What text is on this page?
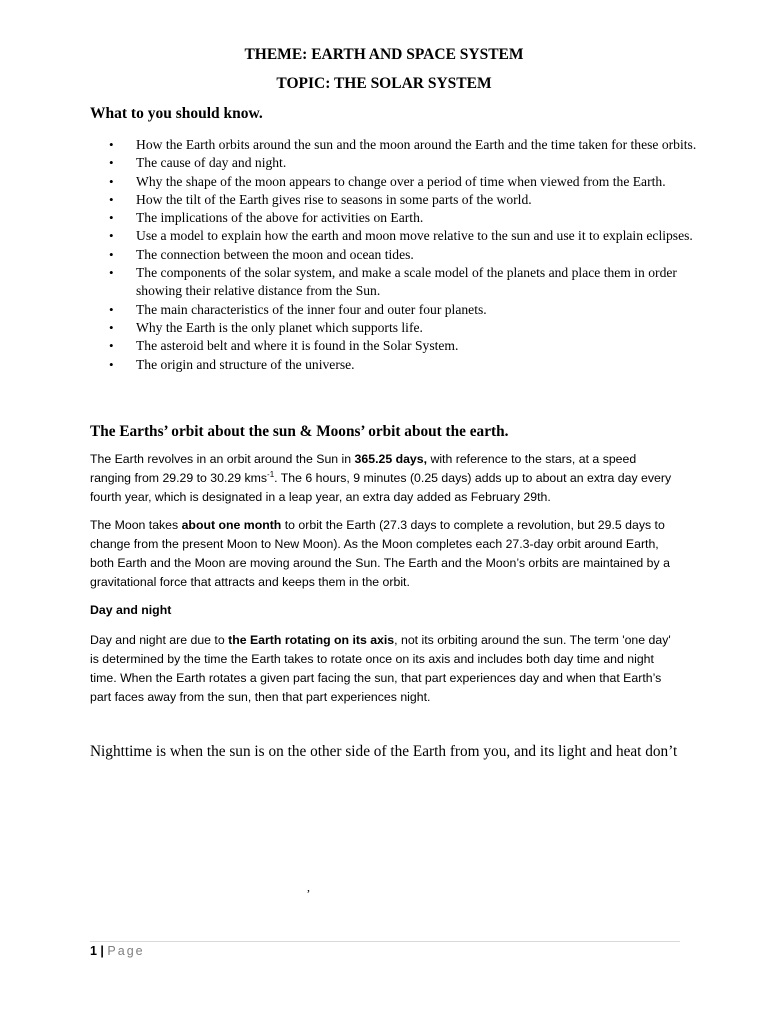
THEME: EARTH AND SPACE SYSTEM
TOPIC: THE SOLAR SYSTEM
What to you should know.
• How the Earth orbits around the sun and the moon around the Earth and the time taken for these orbits.
• The cause of day and night.
• Why the shape of the moon appears to change over a period of time when viewed from the Earth.
• How the tilt of the Earth gives rise to seasons in some parts of the world.
• The implications of the above for activities on Earth.
• Use a model to explain how the earth and moon move relative to the sun and use it to explain eclipses.
• The connection between the moon and ocean tides.
• The components of the solar system, and make a scale model of the planets and place them in order showing their relative distance from the Sun.
• The main characteristics of the inner four and outer four planets.
• Why the Earth is the only planet which supports life.
• The asteroid belt and where it is found in the Solar System.
• The origin and structure of the universe.
The Earths’ orbit about the sun & Moons’ orbit about the earth.
The Earth revolves in an orbit around the Sun in 365.25 days, with reference to the stars, at a speed ranging from 29.29 to 30.29 kms$^{-1}$. The 6 hours, 9 minutes (0.25 days) adds up to about an extra day every fourth year, which is designated in a leap year, an extra day added as February 29th.
The Moon takes about one month to orbit the Earth (27.3 days to complete a revolution, but 29.5 days to change from the present Moon to New Moon). As the Moon completes each 27.3-day orbit around Earth, both Earth and the Moon are moving around the Sun. The Earth and the Moon’s orbits are maintained by a gravitational force that attracts and keeps them in the orbit.
Day and night
Day and night are due to the Earth rotating on its axis, not its orbiting around the sun. The term 'one day' is determined by the time the Earth takes to rotate once on its axis and includes both day time and night time. When the Earth rotates a given part facing the sun, that part experiences day and when that Earth’s part faces away from the sun, then that part experiences night.
Nighttime is when the sun is on the other side of the Earth from you, and its light and heat don’t
,
1 | Page
